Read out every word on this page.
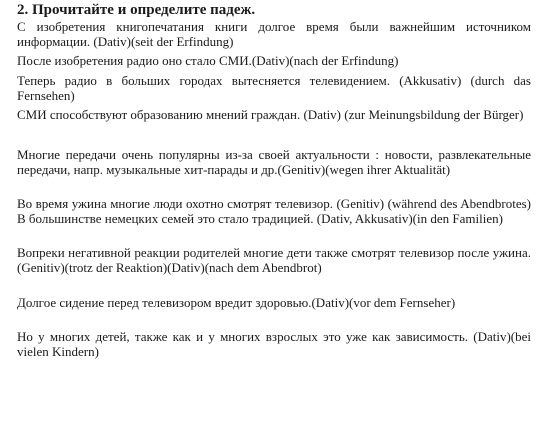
2. Прочитайте и определите падеж.
С изобретения книгопечатания книги долгое время были важнейшим источником информации. (Dativ)(seit der Erfindung)
После изобретения радио оно стало СМИ.(Dativ)(nach der Erfindung)
Теперь радио в больших городах вытесняется телевидением. (Akkusativ) (durch das Fernsehen)
СМИ способствуют образованию мнений граждан. (Dativ) (zur Meinungsbildung der Bürger)
Многие передачи очень популярны из-за своей актуальности : новости, развлекательные передачи, напр. музыкальные хит-парады и др.(Genitiv)(wegen ihrer Aktualität)
Во время ужина многие люди охотно смотрят телевизор. (Genitiv) (während des Abendbrotes) В большинстве немецких семей это стало традицией. (Dativ, Akkusativ)(in den Familien)
Вопреки негативной реакции родителей многие дети также смотрят телевизор после ужина. (Genitiv)(trotz der Reaktion)(Dativ)(nach dem Abendbrot)
Долгое сидение перед телевизором вредит здоровью.(Dativ)(vor dem Fernseher)
Но у многих детей, также как и у многих взрослых это уже как зависимость. (Dativ)(bei vielen Kindern)
